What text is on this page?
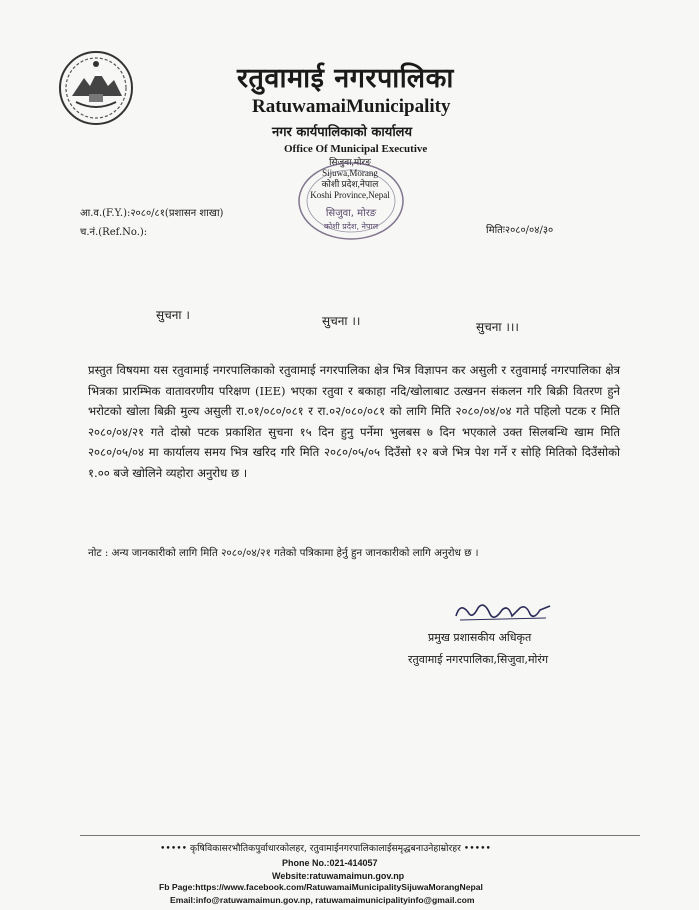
रतुवामाई नगरपालिका
RatuwamaiMunicipality
नगर कार्यपालिकाको कार्यालय
Office Of Municipal Executive
सिजुवा,मोरङ
Sijuwa,Morang
कोशी प्रदेश,नेपाल
Koshi Province,Nepal
सिजुवा, मोरङ
कोशी प्रदेश, नेपाल
आ.व.(F.Y.):२०८०/८१(प्रशासन शाखा)
च.नं.(Ref.No.):	मितिः२०८०/०४/३०
सुचना ।	सुचना ।।	सुचना ।।।
प्रस्तुत विषयमा यस रतुवामाई नगरपालिकाको रतुवामाई नगरपालिका क्षेत्र भित्र विज्ञापन कर असुली र रतुवामाई नगरपालिका क्षेत्र भित्रका प्रारम्भिक वातावरणीय परिक्षण (IEE) भएका रतुवा र बकाहा नदि/खोलाबाट उत्खनन संकलन गरि बिक्री वितरण हुने भरोटको खोला बिक्री मुल्य असुली रा.०१/०८०/०८१ र रा.०२/०८०/०८१ को लागि मिति २०८०/०४/०४ गते पहिलो पटक र मिति २०८०/०४/२१ गते दोस्रो पटक प्रकाशित सुचना १५ दिन हुनु पर्नेमा भुलबस ७ दिन भएकाले उक्त सिलबन्धि खाम मिति २०८०/०५/०४ मा कार्यालय समय भित्र खरिद गरि मिति २०८०/०५/०५ दिउँसो १२ बजे भित्र पेश गर्ने र सोहि मितिको दिउँसोको १.०० बजे खोलिने व्यहोरा अनुरोध छ ।
नोट : अन्य जानकारीको लागि मिति २०८०/०४/२१ गतेको पत्रिकामा हेर्नु हुन जानकारीको लागि अनुरोध छ ।
प्रमुख प्रशासकीय अधिकृत
रतुवामाई नगरपालिका,सिजुवा,मोरंग
••••• कृषिविकासरभौतिकपुर्वाधारकोलहर, रतुवामाईनगरपालिकालाईसमृद्धबनाउनेहाम्रोरहर •••••
Phone No.:021-414057
Website:ratuwamaimun.gov.np
Fb Page:https://www.facebook.com/RatuwamaiMunicipalitySijuwaMorangNepal
Email:info@ratuwamaimun.gov.np, ratuwamaimunicipalityinfo@gmail.com
